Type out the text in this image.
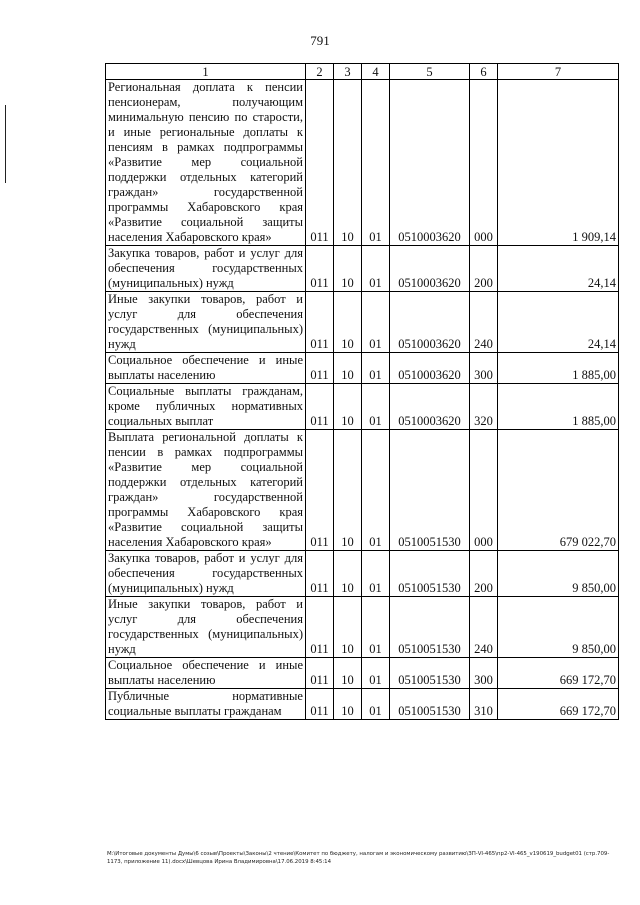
791
1	2	3	4	5	6	7
Региональная доплата к пенсии пенсионерам, получающим минимальную пенсию по старости, и иные региональные доплаты к пенсиям в рамках подпрограммы «Развитие мер социальной поддержки отдельных категорий граждан» государственной программы Хабаровского края «Развитие социальной защиты населения Хабаровского края»	011	10	01	0510003620	000	1 909,14
Закупка товаров, работ и услуг для обеспечения государственных (муниципальных) нужд	011	10	01	0510003620	200	24,14
Иные закупки товаров, работ и услуг для обеспечения государственных (муниципальных) нужд	011	10	01	0510003620	240	24,14
Социальное обеспечение и иные выплаты населению	011	10	01	0510003620	300	1 885,00
Социальные выплаты гражданам, кроме публичных нормативных социальных выплат	011	10	01	0510003620	320	1 885,00
Выплата региональной доплаты к пенсии в рамках подпрограммы «Развитие мер социальной поддержки отдельных категорий граждан» государственной программы Хабаровского края «Развитие социальной защиты населения Хабаровского края»	011	10	01	0510051530	000	679 022,70
Закупка товаров, работ и услуг для обеспечения государственных (муниципальных) нужд	011	10	01	0510051530	200	9 850,00
Иные закупки товаров, работ и услуг для обеспечения государственных (муниципальных) нужд	011	10	01	0510051530	240	9 850,00
Социальное обеспечение и иные выплаты населению	011	10	01	0510051530	300	669 172,70
Публичные нормативные социальные выплаты гражданам	011	10	01	0510051530	310	669 172,70
M:\Итоговые документы Думы\6 созыв\Проекты\Законы\2 чтение\Комитет по бюджету, налогам и экономическому развитию\ЗП-VI-465\пр2-VI-465_v190619_budget01 (стр.709-1173, приложение 11).docx\Шевцова Ирина Владимировна\17.06.2019 8:45:14
